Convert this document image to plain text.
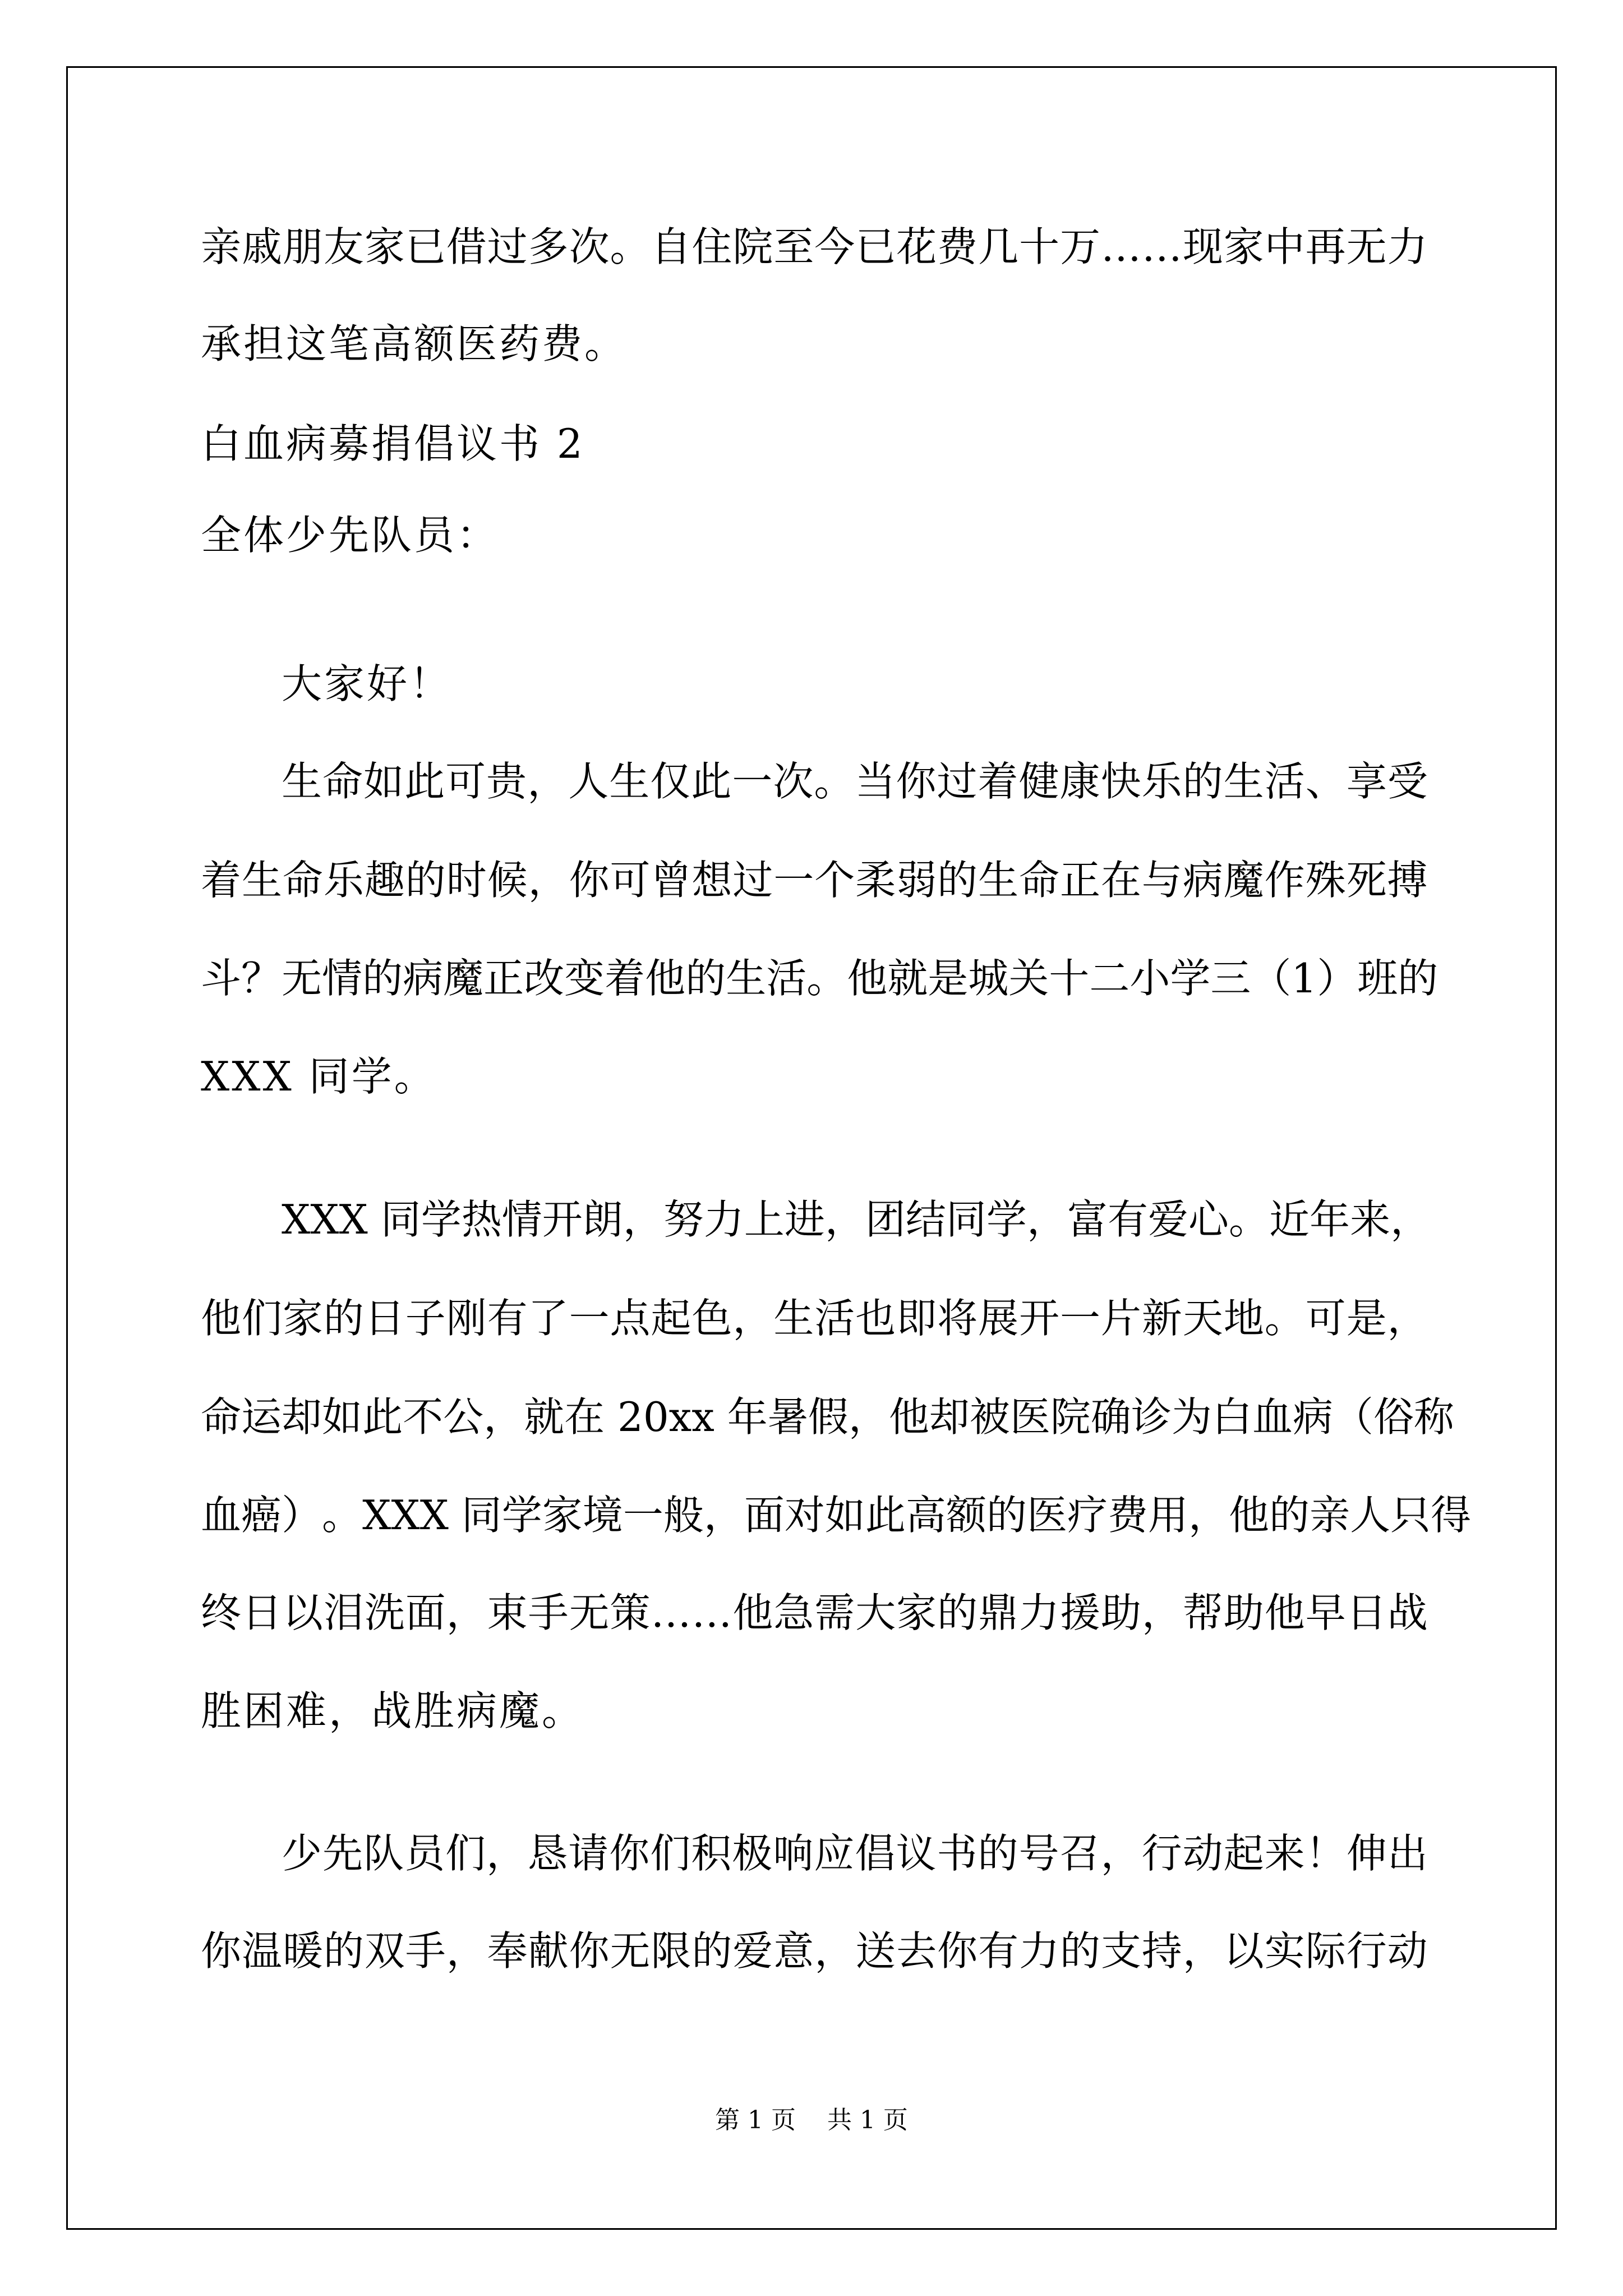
亲 戚 朋 友 家 已 借 过 多 次 。 自 住 院 至 今 已 花 费 几 十 万 … … 现 家 中 再 无 力
承担这笔高额医药费。
白血病募捐倡议书 2
全体少先队员：
大家好！
生 命 如 此 可 贵 ， 人 生 仅 此 一 次 。 当 你 过 着 健 康 快 乐 的 生 活 、 享 受
着 生 命 乐 趣 的 时 候 ， 你 可 曾 想 过 一 个 柔 弱 的 生 命 正 在 与 病 魔 作 殊 死 搏
斗 ？ 无 情 的 病 魔 正 改 变 着 他 的 生 活 。 他 就 是 城 关 十 二 小 学 三 （ 1 ） 班 的
XXX 同学。
X X X
同 学 热 情 开 朗 ， 努 力 上 进 ， 团 结 同 学 ， 富 有 爱 心 。 近 年 来 ，
他 们 家 的 日 子 刚 有 了 一 点 起 色 ， 生 活 也 即 将 展 开 一 片 新 天 地 。 可 是 ，
命 运 却 如 此 不 公 ， 就 在
2 0 x x
年 暑 假 ， 他 却 被 医 院 确 诊 为 白 血 病 （ 俗 称
血 癌 ） 。 X X X
同 学 家 境 一 般 ， 面 对 如 此 高 额 的 医 疗 费 用 ， 他 的 亲 人 只 得
终 日 以 泪 洗 面 ， 束 手 无 策 … … 他 急 需 大 家 的 鼎 力 援 助 ， 帮 助 他 早 日 战
胜困难，战胜病魔。
少 先 队 员 们 ， 恳 请 你 们 积 极 响 应 倡 议 书 的 号 召 ， 行 动 起 来 ！ 伸 出
你 温 暖 的 双 手 ， 奉 献 你 无 限 的 爱 意 ， 送 去 你 有 力 的 支 持 ， 以 实 际 行 动
第 1 页    共 1 页
